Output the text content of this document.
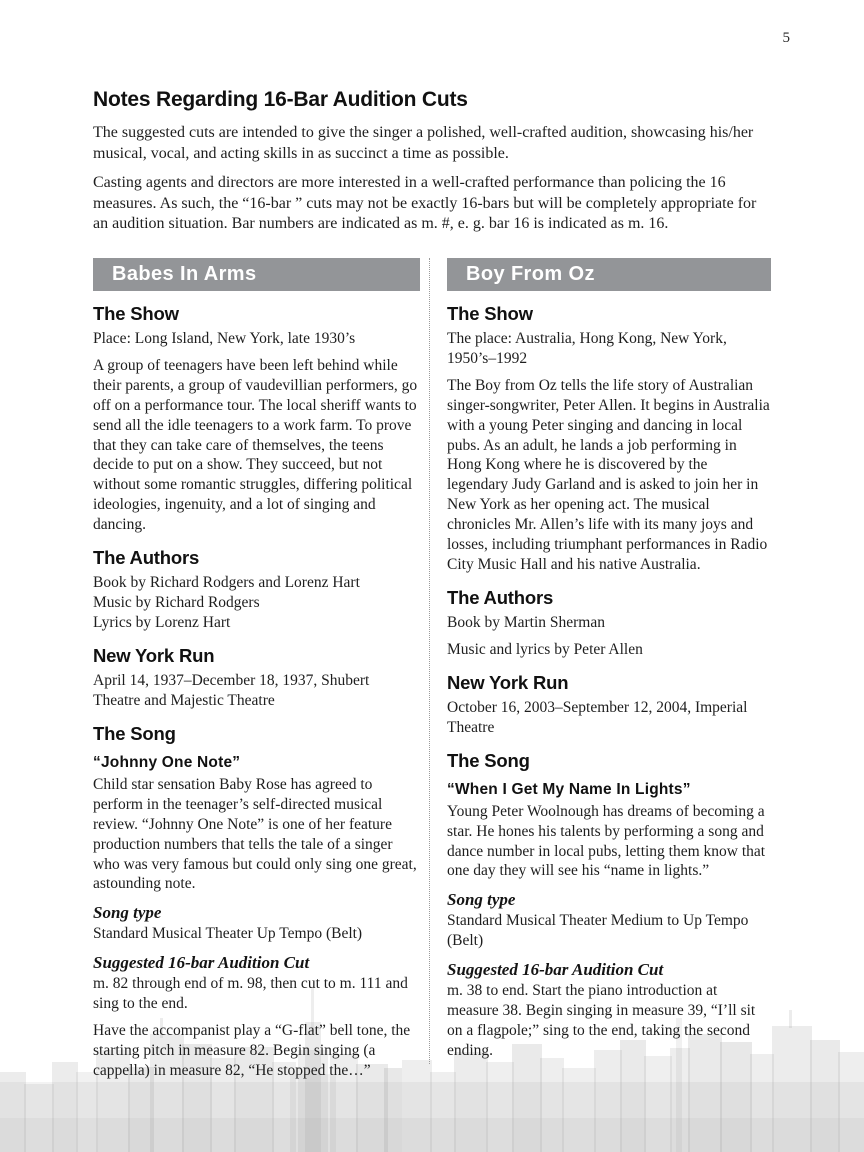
5
Notes Regarding 16-Bar Audition Cuts

The suggested cuts are intended to give the singer a polished, well-crafted audition, showcasing his/her musical, vocal, and acting skills in as succinct a time as possible.

Casting agents and directors are more interested in a well-crafted performance than policing the 16 measures. As such, the “16-bar ” cuts may not be exactly 16-bars but will be completely appropriate for an audition situation. Bar numbers are indicated as m. #, e. g. bar 16 is indicated as m. 16.

Babes In Arms
The Show

Place: Long Island, New York, late 1930’s

A group of teenagers have been left behind while their parents, a group of vaudevillian performers, go off on a performance tour. The local sheriff wants to send all the idle teenagers to a work farm. To prove that they can take care of themselves, the teens decide to put on a show. They succeed, but not without some romantic struggles, differing political ideologies, ingenuity, and a lot of singing and dancing.

The Authors
Book by Richard Rodgers and Lorenz Hart
Music by Richard Rodgers
Lyrics by Lorenz Hart
New York Run

April 14, 1937–December 18, 1937, Shubert Theatre and Majestic Theatre

The Song
“Johnny One Note”

Child star sensation Baby Rose has agreed to perform in the teenager’s self-directed musical review. “Johnny One Note” is one of her feature production numbers that tells the tale of a singer who was very famous but could only sing one great, astounding note.

Song type

Standard Musical Theater Up Tempo (Belt)

Suggested 16-bar Audition Cut

m. 82 through end of m. 98, then cut to m. 111 and sing to the end.

Have the accompanist play a “G-flat” bell tone, the starting pitch in measure 82. Begin singing (a cappella) in measure 82, “He stopped the…”

Boy From Oz
The Show

The place: Australia, Hong Kong, New York, 1950’s–1992

The Boy from Oz tells the life story of Australian singer-songwriter, Peter Allen. It begins in Australia with a young Peter singing and dancing in local pubs. As an adult, he lands a job performing in Hong Kong where he is discovered by the legendary Judy Garland and is asked to join her in New York as her opening act. The musical chronicles Mr. Allen’s life with its many joys and losses, including triumphant performances in Radio City Music Hall and his native Australia.

The Authors
Book by Martin Sherman
Music and lyrics by Peter Allen
New York Run

October 16, 2003–September 12, 2004, Imperial Theatre

The Song
“When I Get My Name In Lights”

Young Peter Woolnough has dreams of becoming a star. He hones his talents by performing a song and dance number in local pubs, letting them know that one day they will see his “name in lights.”

Song type

Standard Musical Theater Medium to Up Tempo (Belt)

Suggested 16-bar Audition Cut

m. 38 to end. Start the piano introduction at measure 38. Begin singing in measure 39, “I’ll sit on a flagpole;” sing to the end, taking the second ending.
